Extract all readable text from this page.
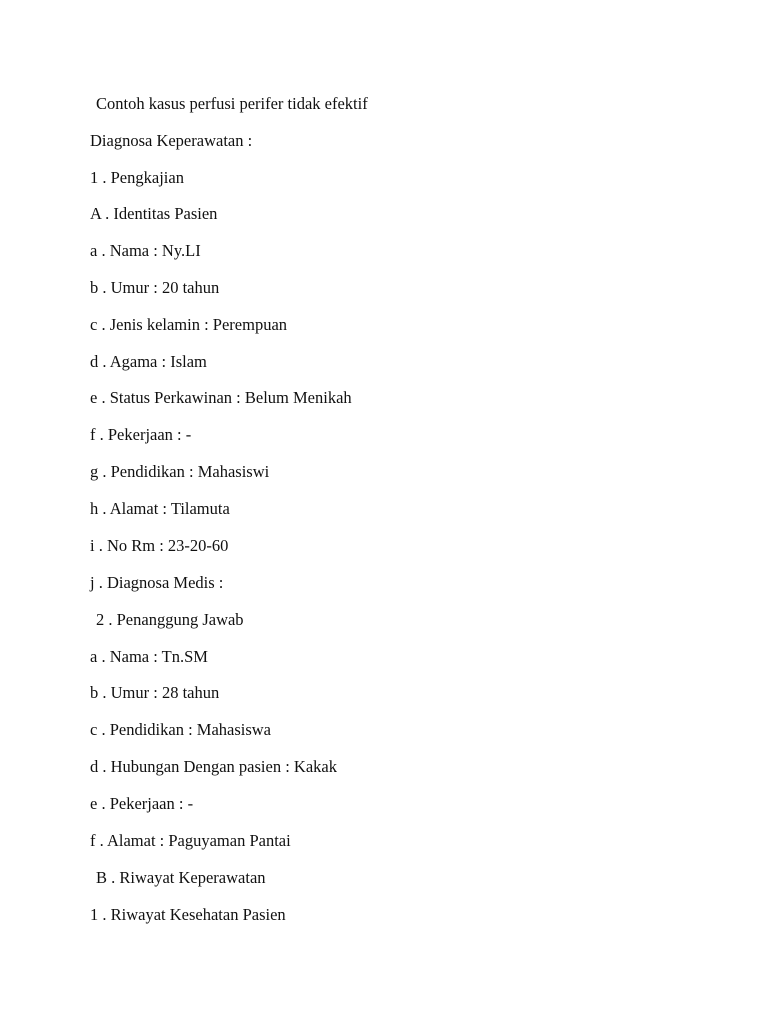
Contoh kasus perfusi perifer tidak efektif

Diagnosa Keperawatan :

1 . Pengkajian

A . Identitas Pasien

a . Nama : Ny.LI

b . Umur : 20 tahun

c . Jenis kelamin : Perempuan

d . Agama : Islam

e . Status Perkawinan : Belum Menikah

f . Pekerjaan : -

g . Pendidikan : Mahasiswi

h . Alamat : Tilamuta

i . No Rm : 23-20-60

j . Diagnosa Medis :

2 . Penanggung Jawab

a . Nama : Tn.SM

b . Umur : 28 tahun

c . Pendidikan : Mahasiswa

d . Hubungan Dengan pasien : Kakak

e . Pekerjaan : -

f . Alamat : Paguyaman Pantai

B . Riwayat Keperawatan

1 . Riwayat Kesehatan Pasien
